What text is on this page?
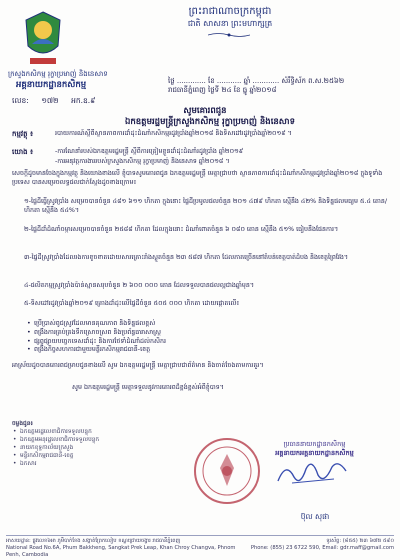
ព្រះរាជាណាចក្រកម្ពុជា
ជាតិ សាសនា ព្រះមហាក្សត្រ
ក្រសួងកសិកម្ម រុក្ខាប្រមាញ់ និងនេសាទ
អគ្គនាយកដ្ឋានកសិកម្ម	ថ្ងៃ ............. ខែ ........... ឆ្នាំ ............ សំរឹទ្ធិស័ក ព.ស.២៥៦២
រាជធានីភ្នំពេញ ថ្ងៃទី ២៤ ខែ ធ្នូ ឆ្នាំ២០១៨
លេខ: ១៧២ អក.ឧ.៩
សូមគោរពជូន
ឯកឧត្តមរដ្ឋមន្ត្រីក្រសួងកសិកម្ម រុក្ខាប្រមាញ់ និងនេសាទ
កម្មវត្ថុ ៖	របាយការណ៍ស្តីពីស្ថានភាពការដាំដុះដំណាំកសិកម្មរដូវប្រាំងឆ្នាំ២០១៨ និងទិសដៅរដូវប្រាំងឆ្នាំ២០១៩ ។
យោង ៖	-ការណែនាំរបស់ឯកឧត្តមរដ្ឋមន្ត្រី ស្តីពីការត្រៀមខ្លួនដាំដុះដំណាំរដូវប្រាំង ឆ្នាំ២០១៩
-ការអនុវត្តការងាររបស់ក្រសួងកសិកម្ម រុក្ខាប្រមាញ់ និងនេសាទ ឆ្នាំ២០១៨ ។
សេចក្តីដូចមានចែងក្នុងកម្មវត្ថុ និងយោងខាងលើ ខ្ញុំបាទសូមគោរពជូន ឯកឧត្តមរដ្ឋមន្ត្រី មេត្តាជ្រាបថា ស្ថានភាពការដាំដុះដំណាំកសិកម្មរដូវប្រាំងឆ្នាំ២០១៨ ក្នុងទូទាំងប្រទេស បានសម្រេចលទ្ធផលជាក់ស្តែងដូចខាងក្រោម៖
១-ផ្ទៃដីធ្វើស្រូវប្រាំង សម្រេចបានចំនួន ៤៨១ ៦១១ ហិកតា ក្នុងនោះ ផ្ទៃដីប្រមូលផលចំនួន ២០១ ៤៧៩ ហិកតា ស្មើនឹង ៤២% និងទិន្នផលមធ្យម ៥.៤ តោន/ហិកតា ស្មើនឹង ៥៤%។
២-ផ្ទៃដីដាំដំណាំចម្ការសម្រេចបានចំនួន ២៥៨៨ ហិកតា ដែលក្នុងនោះ ដំណាំពោតចំនួន ៦ ០៨០ តោន ស្មើនឹង ៥១% ធៀបនឹងផែនការ។
៣-ផ្ទៃដីស្រូវប្រាំងដែលរងការខូចខាតដោយសារគ្រោះរាំងស្ងួតចំនួន ២៣ ៥៨៧ ហិកតា ដែលភាគច្រើននៅតំបន់ខេត្តបាត់ដំបង និងខេត្តព្រៃវែង។
៤-ផលិតកម្មស្រូវប្រាំងប៉ាន់ស្មានសរុបចំនួន ២ ៦០០ ០០០ តោន ដែលទទួលបានផលល្អជាងឆ្នាំមុន។
៥-ទិសដៅរដូវប្រាំងឆ្នាំ២០១៩ គ្រោងដាំដុះលើផ្ទៃដីចំនួន ៥០៥ ០០០ ហិកតា ដោយផ្តោតលើ៖
• ប្រើប្រាស់ពូជស្រូវដែលមានគុណភាព និងទិន្នផលខ្ពស់
• ពង្រឹងការគ្រប់គ្រងទឹកស្រោចស្រព និងប្រព័ន្ធធារាសាស្ត្រ
• ផ្សព្វផ្សាយបច្ចេកទេសដាំដុះ និងការថែទាំដំណាំដល់កសិករ
• ពង្រឹងកិច្ចសហការជាមួយមន្ទីរកសិកម្មរាជធានី-ខេត្ត
អាស្រ័យដូចបានគោរពជម្រាបជូនខាងលើ សូម ឯកឧត្តមរដ្ឋមន្ត្រី មេត្តាជ្រាបជាព័ត៌មាន និងចាត់ចែងតាមការគួរ។
សូម ឯកឧត្តមរដ្ឋមន្ត្រី មេត្តាទទួលនូវការគោរពដ៏ខ្ពង់ខ្ពស់អំពីខ្ញុំបាទ។
ចម្លងជូន៖
• ឯកឧត្តមរដ្ឋលេខាធិការទទួលបន្ទុក
• ឯកឧត្តមអនុរដ្ឋលេខាធិការទទួលបន្ទុក
• នាយកខុទ្ទកាល័យក្រសួង
• មន្ទីរកសិកម្មរាជធានី-ខេត្ត
• ឯកសារ
ប្រធាននាយកដ្ឋានកសិកម្ម
អគ្គនាយកអគ្គនាយកដ្ឋានកសិកម្ម
ប៊ុល សុផា
អាសយដ្ឋាន: ផ្លូវលេខ៦អា ភូមិបាក់ខែង សង្កាត់ព្រែកលៀប ខណ្ឌជ្រោយចង្វារ រាជធានីភ្នំពេញ
National Road No.6A, Phum Bakkheng, Sangkat Prek Leap, Khan Chroy Changva, Phnom Penh, Cambodia
ទូរស័ព្ទ: (៨៥៥) ២៣ ៦៧២ ៥៩០
Phone: (855) 23 6722 590, Email: gdr.maff@gmail.com
